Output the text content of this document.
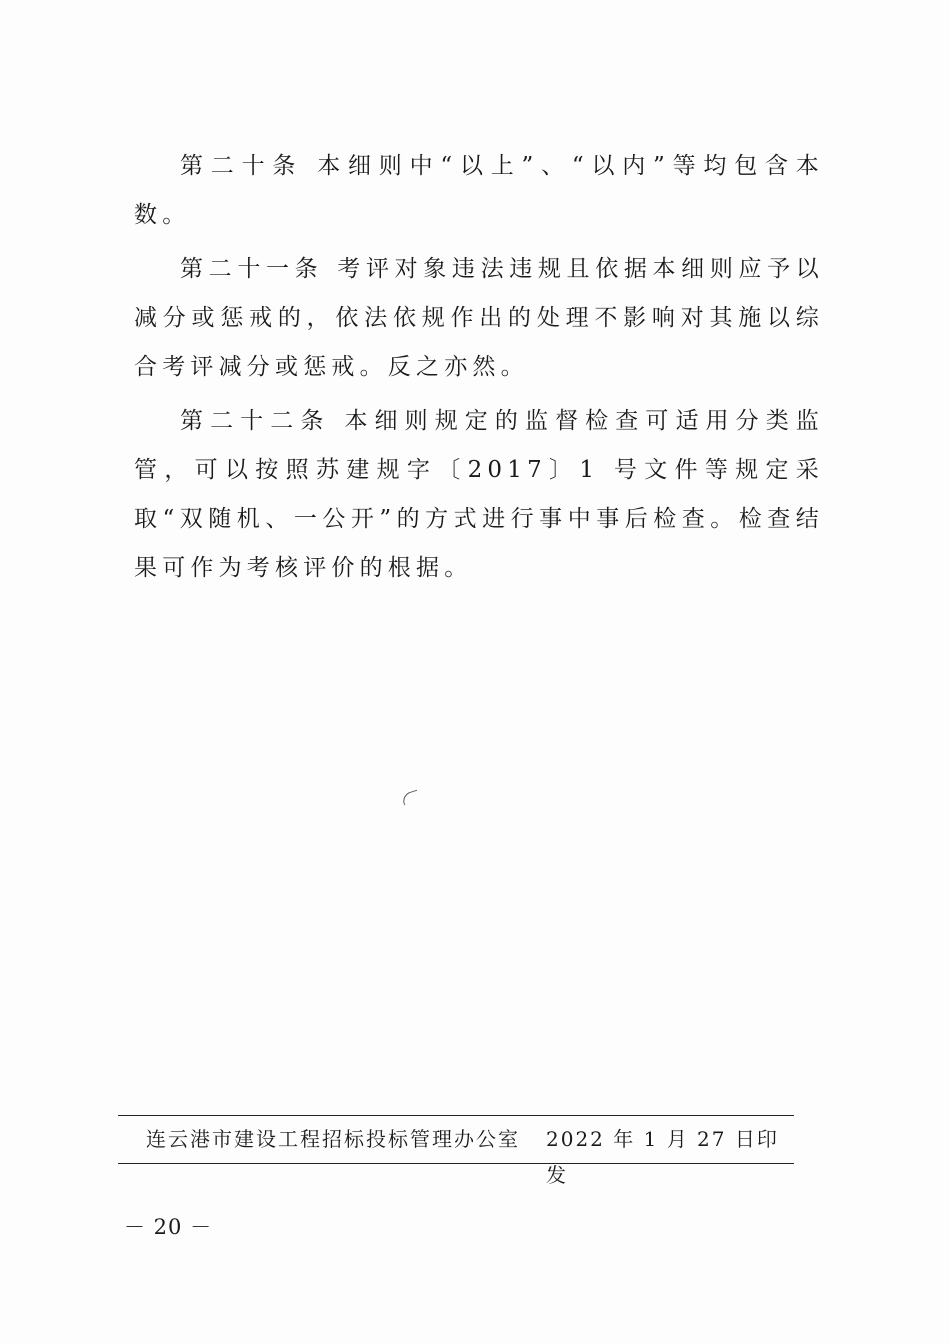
第二十条 本细则中“以上”、“以内”等均包含本数。

第二十一条 考评对象违法违规且依据本细则应予以减分或惩戒的，依法依规作出的处理不影响对其施以综合考评减分或惩戒。反之亦然。

第二十二条 本细则规定的监督检查可适用分类监管，可以按照苏建规字〔2017〕1 号文件等规定采取“双随机、一公开”的方式进行事中事后检查。检查结果可作为考核评价的根据。

连云港市建设工程招标投标管理办公室 2022 年 1 月 27 日印发
－ 20 －
